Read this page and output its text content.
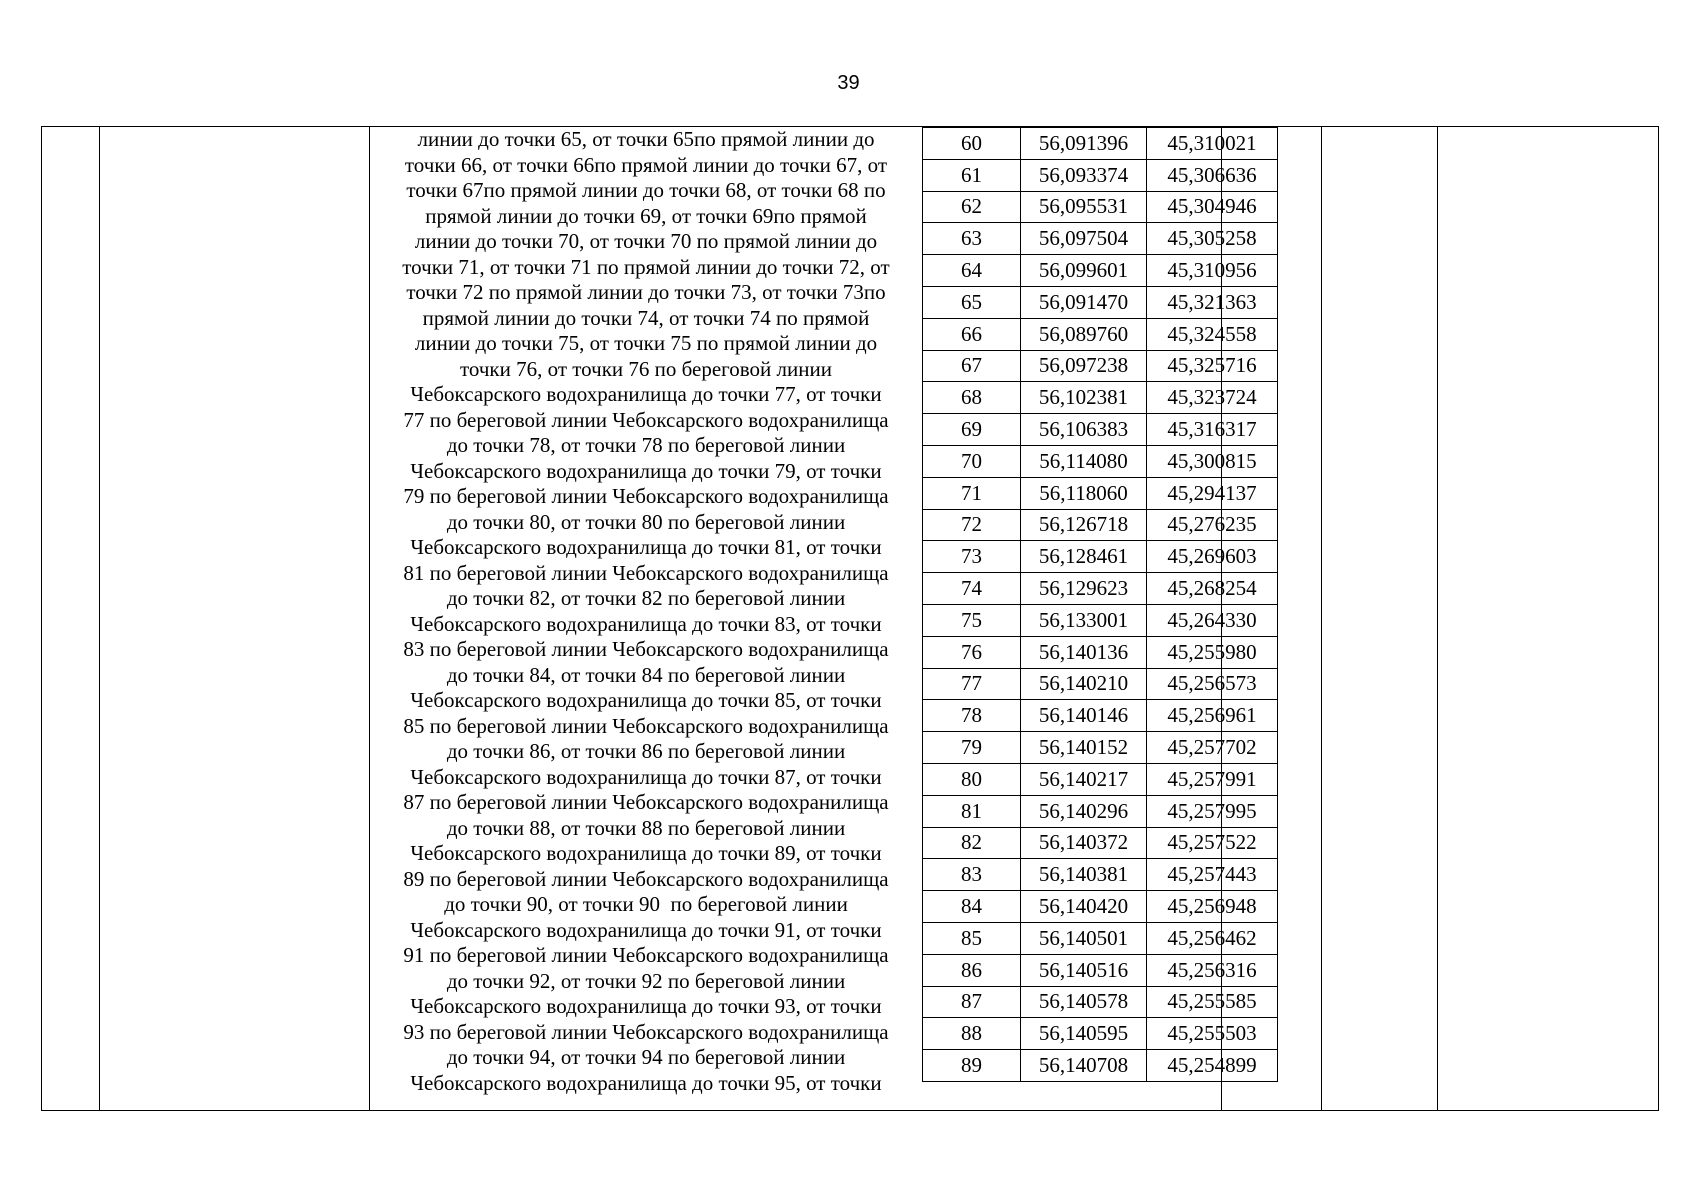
39
линии до точки 65, от точки 65по прямой линии до
точки 66, от точки 66по прямой линии до точки 67, от
точки 67по прямой линии до точки 68, от точки 68 по
прямой линии до точки 69, от точки 69по прямой
линии до точки 70, от точки 70 по прямой линии до
точки 71, от точки 71 по прямой линии до точки 72, от
точки 72 по прямой линии до точки 73, от точки 73по
прямой линии до точки 74, от точки 74 по прямой
линии до точки 75, от точки 75 по прямой линии до
точки 76, от точки 76 по береговой линии
Чебоксарского водохранилища до точки 77, от точки
77 по береговой линии Чебоксарского водохранилища
до точки 78, от точки 78 по береговой линии
Чебоксарского водохранилища до точки 79, от точки
79 по береговой линии Чебоксарского водохранилища
до точки 80, от точки 80 по береговой линии
Чебоксарского водохранилища до точки 81, от точки
81 по береговой линии Чебоксарского водохранилища
до точки 82, от точки 82 по береговой линии
Чебоксарского водохранилища до точки 83, от точки
83 по береговой линии Чебоксарского водохранилища
до точки 84, от точки 84 по береговой линии
Чебоксарского водохранилища до точки 85, от точки
85 по береговой линии Чебоксарского водохранилища
до точки 86, от точки 86 по береговой линии
Чебоксарского водохранилища до точки 87, от точки
87 по береговой линии Чебоксарского водохранилища
до точки 88, от точки 88 по береговой линии
Чебоксарского водохранилища до точки 89, от точки
89 по береговой линии Чебоксарского водохранилища
до точки 90, от точки 90  по береговой линии
Чебоксарского водохранилища до точки 91, от точки
91 по береговой линии Чебоксарского водохранилища
до точки 92, от точки 92 по береговой линии
Чебоксарского водохранилища до точки 93, от точки
93 по береговой линии Чебоксарского водохранилища
до точки 94, от точки 94 по береговой линии
Чебоксарского водохранилища до точки 95, от точки
60	56,091396	45,310021
61	56,093374	45,306636
62	56,095531	45,304946
63	56,097504	45,305258
64	56,099601	45,310956
65	56,091470	45,321363
66	56,089760	45,324558
67	56,097238	45,325716
68	56,102381	45,323724
69	56,106383	45,316317
70	56,114080	45,300815
71	56,118060	45,294137
72	56,126718	45,276235
73	56,128461	45,269603
74	56,129623	45,268254
75	56,133001	45,264330
76	56,140136	45,255980
77	56,140210	45,256573
78	56,140146	45,256961
79	56,140152	45,257702
80	56,140217	45,257991
81	56,140296	45,257995
82	56,140372	45,257522
83	56,140381	45,257443
84	56,140420	45,256948
85	56,140501	45,256462
86	56,140516	45,256316
87	56,140578	45,255585
88	56,140595	45,255503
89	56,140708	45,254899
